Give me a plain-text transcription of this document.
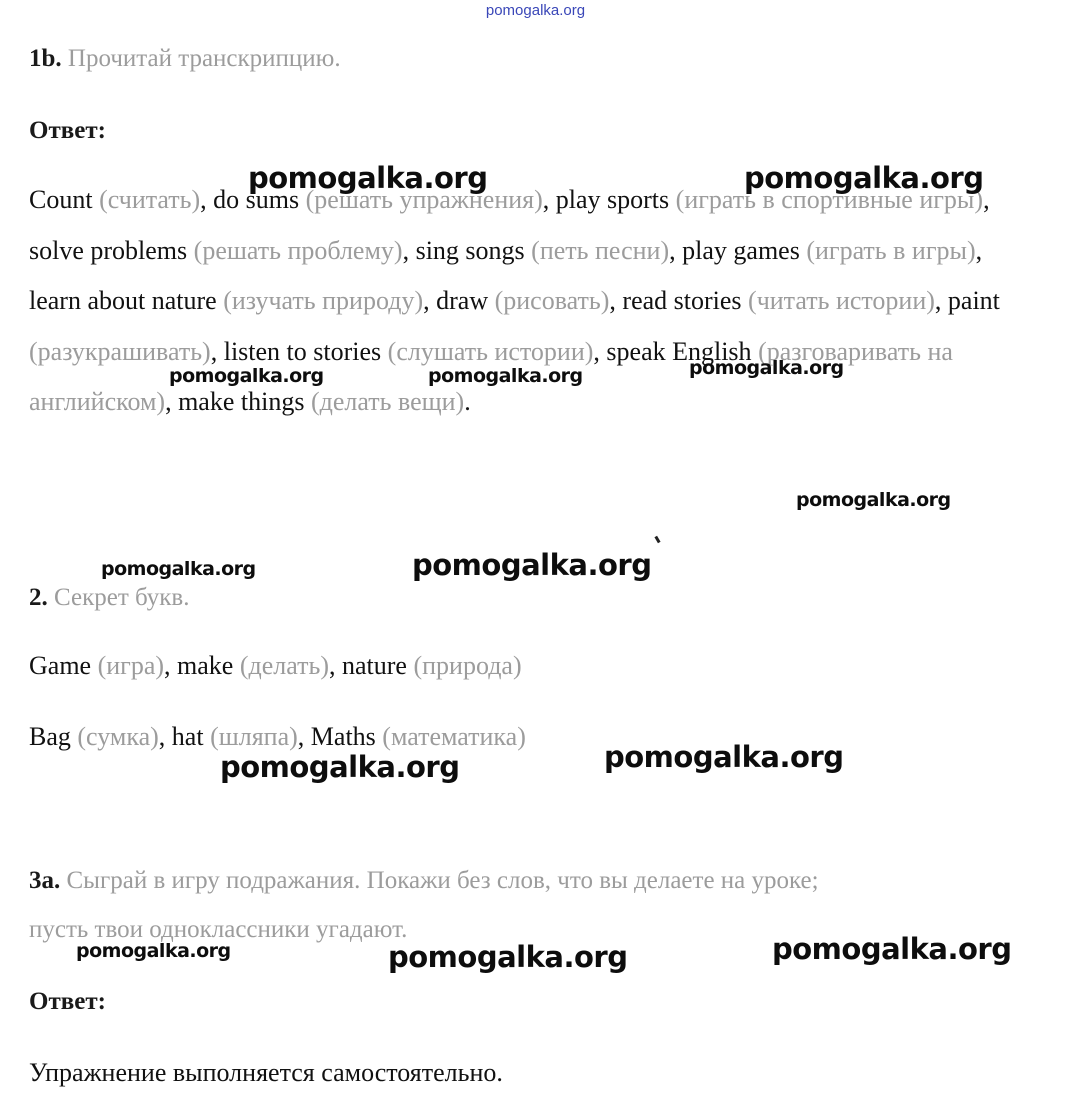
pomogalka.org
1b. Прочитай транскрипцию.
Ответ:
Count (считать), do sums (решать упражнения), play sports (играть в спортивные игры), solve problems (решать проблему), sing songs (петь песни), play games (играть в игры), learn about nature (изучать природу), draw (рисовать), read stories (читать истории), paint (разукрашивать), listen to stories (слушать истории), speak English (разговаривать на английском), make things (делать вещи).
2. Секрет букв.
Game (игра), make (делать), nature (природа)
Bag (сумка), hat (шляпа), Maths (математика)
3a. Сыграй в игру подражания. Покажи без слов, что вы делаете на уроке;
пусть твои одноклассники угадают.
Ответ:
Упражнение выполняется самостоятельно.
pomogalka.org	pomogalka.org
pomogalka.org	pomogalka.org	pomogalka.org
pomogalka.org
pomogalka.org	pomogalka.org
pomogalka.org	pomogalka.org
pomogalka.org	pomogalka.org	pomogalka.org
